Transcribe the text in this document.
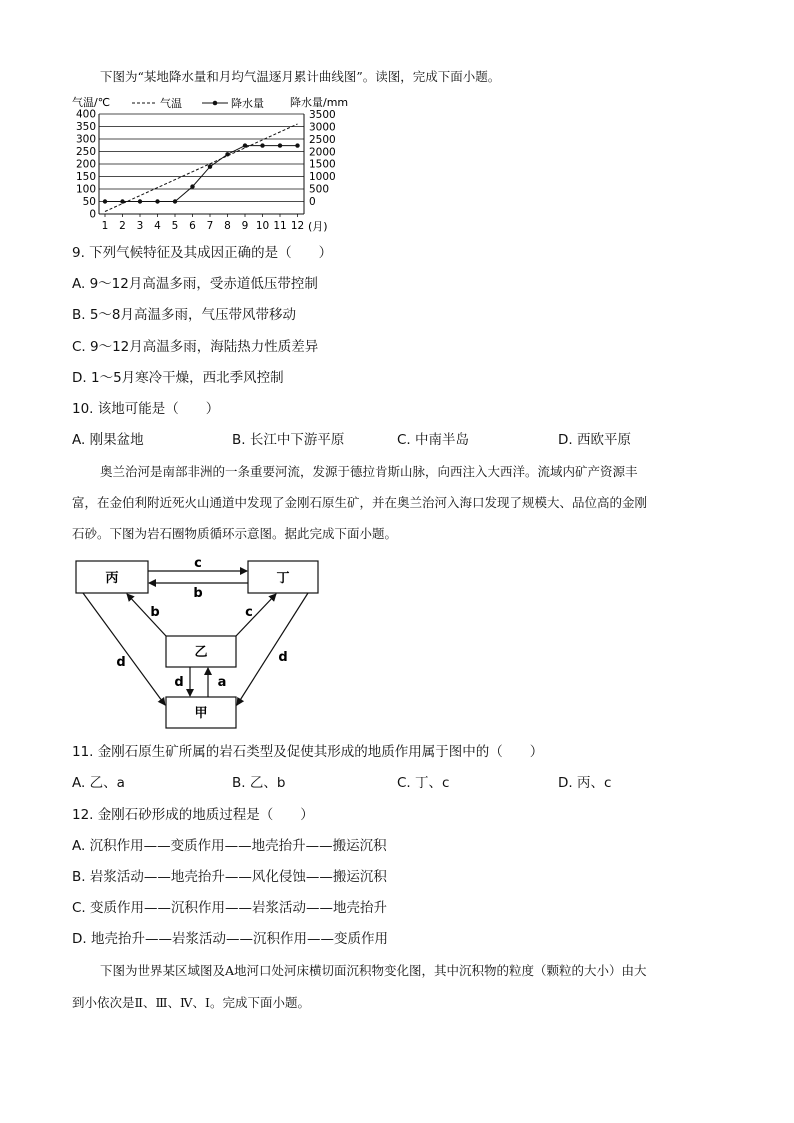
下图为“某地降水量和月均气温逐月累计曲线图”。读图，完成下面小题。
气温/℃	降水量/mm
气温	降水量
400
350
300
250
200
150
100
50
0
3500
3000
2500
2000
1500
1000
500
0
1 2 3 4 5 6 7 8 9 10 11 12 (月)
9. 下列气候特征及其成因正确的是（　　）
A. 9～12月高温多雨，受赤道低压带控制
B. 5～8月高温多雨，气压带风带移动
C. 9～12月高温多雨，海陆热力性质差异
D. 1～5月寒冷干燥，西北季风控制
10. 该地可能是（　　）
A. 刚果盆地	B. 长江中下游平原	C. 中南半岛	D. 西欧平原
奥兰治河是南部非洲的一条重要河流，发源于德拉肯斯山脉，向西注入大西洋。流域内矿产资源丰
富，在金伯利附近死火山通道中发现了金刚石原生矿，并在奥兰治河入海口发现了规模大、品位高的金刚
石砂。下图为岩石圈物质循环示意图。据此完成下面小题。
丙	丁
乙
甲
c
b
b	c
d	d
d	a
11. 金刚石原生矿所属的岩石类型及促使其形成的地质作用属于图中的（　　）
A. 乙、a	B. 乙、b	C. 丁、c	D. 丙、c
12. 金刚石砂形成的地质过程是（　　）
A. 沉积作用——变质作用——地壳抬升——搬运沉积
B. 岩浆活动——地壳抬升——风化侵蚀——搬运沉积
C. 变质作用——沉积作用——岩浆活动——地壳抬升
D. 地壳抬升——岩浆活动——沉积作用——变质作用
下图为世界某区域图及A地河口处河床横切面沉积物变化图，其中沉积物的粒度（颗粒的大小）由大
到小依次是Ⅱ、Ⅲ、Ⅳ、Ⅰ。完成下面小题。
